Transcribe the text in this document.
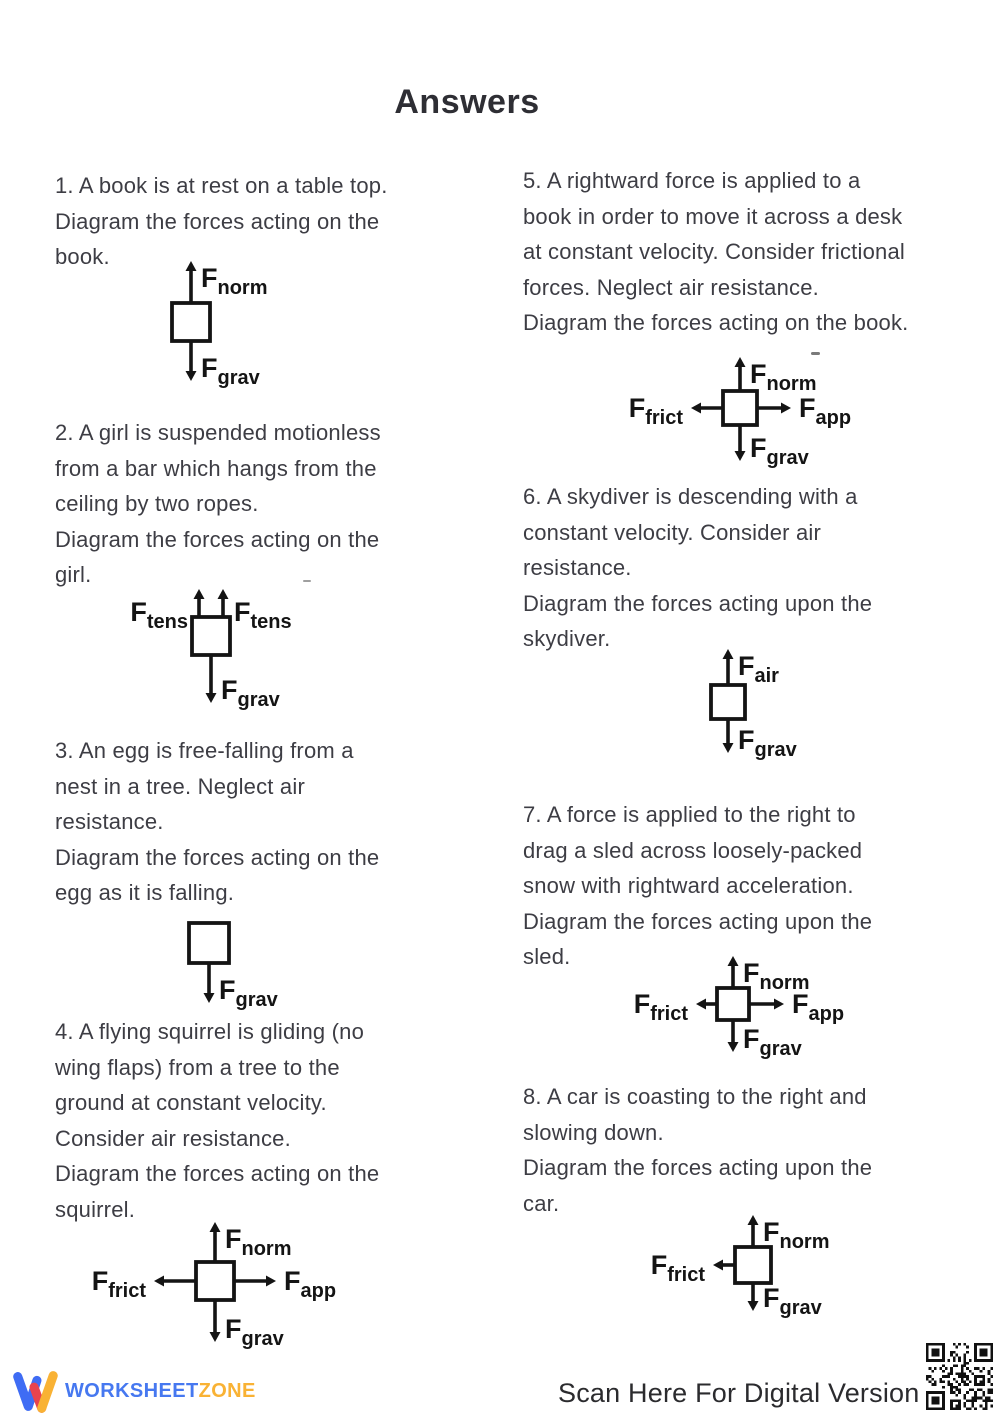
Answers
1. A book is at rest on a table top.
Diagram the forces acting on the
book.
$F_{norm}$
$F_{grav}$
2. A girl is suspended motionless
from a bar which hangs from the
ceiling by two ropes.
Diagram the forces acting on the
girl.
$F_{tens}$ $F_{tens}$
$F_{grav}$
3. An egg is free-falling from a
nest in a tree. Neglect air
resistance.
Diagram the forces acting on the
egg as it is falling.
$F_{grav}$
4. A flying squirrel is gliding (no
wing flaps) from a tree to the
ground at constant velocity.
Consider air resistance.
Diagram the forces acting on the
squirrel.
$F_{norm}$
$F_{frict}$	$F_{app}$
$F_{grav}$
5. A rightward force is applied to a
book in order to move it across a desk
at constant velocity. Consider frictional
forces. Neglect air resistance.
Diagram the forces acting on the book.
$F_{norm}$
$F_{frict}$	$F_{app}$
$F_{grav}$
6. A skydiver is descending with a
constant velocity. Consider air
resistance.
Diagram the forces acting upon the
skydiver.
$F_{air}$
$F_{grav}$
7. A force is applied to the right to
drag a sled across loosely-packed
snow with rightward acceleration.
Diagram the forces acting upon the
sled.
$F_{norm}$
$F_{frict}$	$F_{app}$
$F_{grav}$
8. A car is coasting to the right and
slowing down.
Diagram the forces acting upon the
car.
$F_{norm}$
$F_{frict}$
$F_{grav}$
WORKSHEETZONE	Scan Here For Digital Version
